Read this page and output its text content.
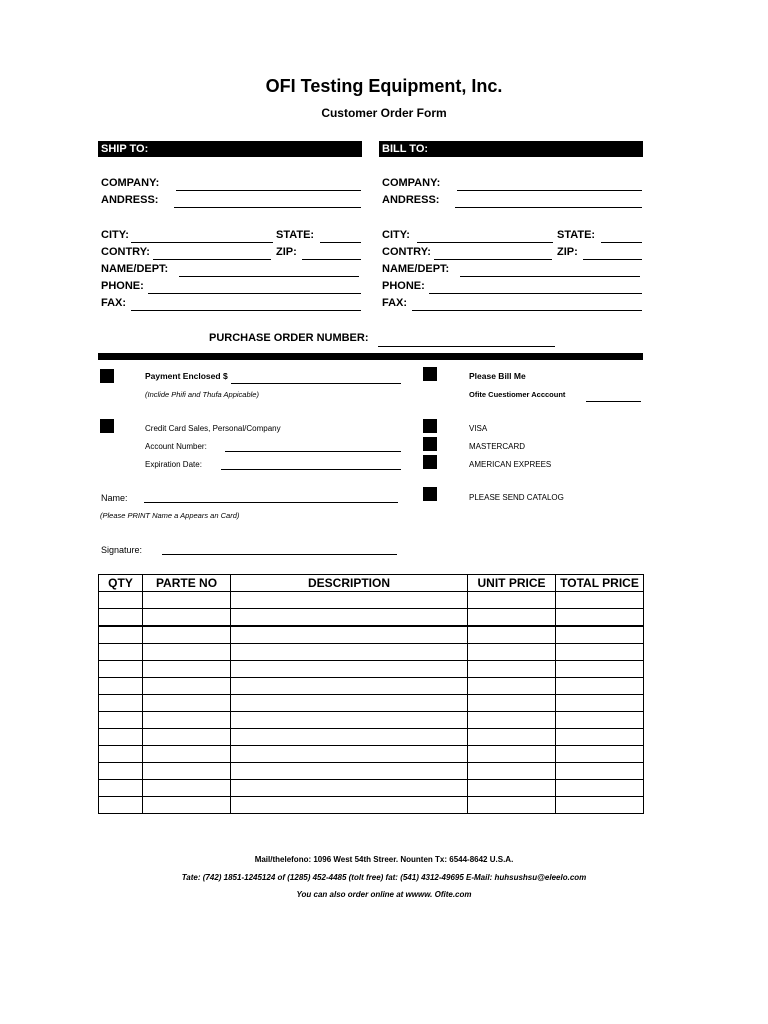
OFI Testing Equipment, Inc.
Customer Order Form
SHIP TO:
COMPANY:
ANDRESS:
CITY:	STATE:
CONTRY:	ZIP:
NAME/DEPT:
PHONE:
FAX:
BILL TO:
COMPANY:
ANDRESS:
CITY:	STATE:
CONTRY:	ZIP:
NAME/DEPT:
PHONE:
FAX:
PURCHASE ORDER NUMBER:
Payment Enclosed $
(Inclide Phifi and Thufa Appicable)
Credit Card Sales, Personal/Company
Account Number:
Expiration Date:
Name:
(Please PRINT Name a Appears an Card)
Signature:
Please Bill Me
Ofite Cuestiomer Acccount
VISA
MASTERCARD
AMERICAN EXPREES
PLEASE SEND CATALOG
QTY	PARTE NO	DESCRIPTION	UNIT PRICE	TOTAL PRICE

Mail/thelefono: 1096 West 54th Streer. Nounten Tx: 6544-8642 U.S.A.
Tate: (742) 1851-1245124 of (1285) 452-4485 (tolt free) fat: (541) 4312-49695 E-Mail: huhsushsu@eleelo.com
You can also order online at wwww. Ofite.com
